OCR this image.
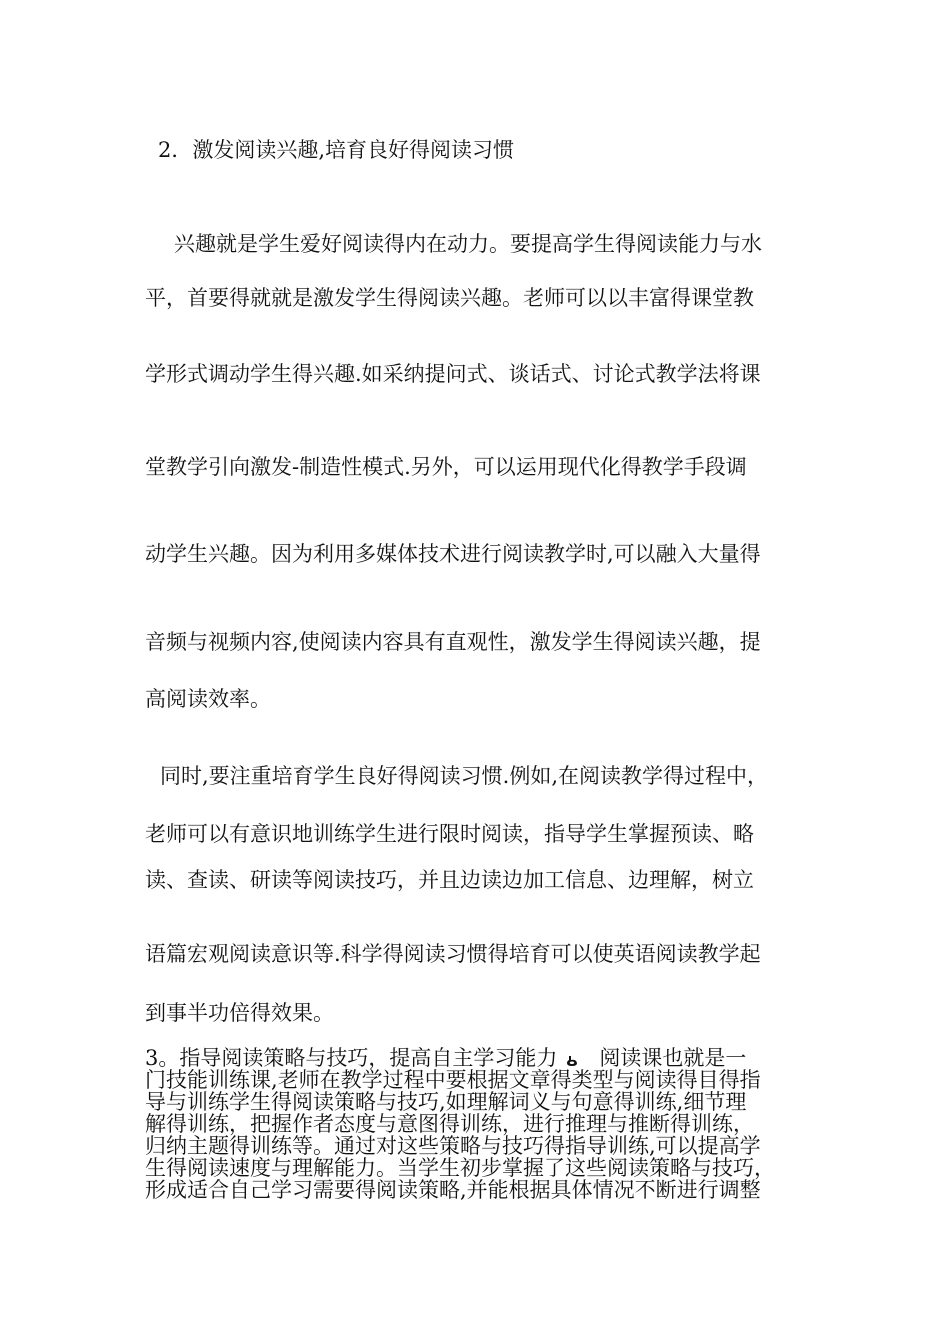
2．激发阅读兴趣,培育良好得阅读习惯
兴趣就是学生爱好阅读得内在动力。要提高学生得阅读能力与水
平，首要得就就是激发学生得阅读兴趣。老师可以以丰富得课堂教
学形式调动学生得兴趣.如采纳提问式、谈话式、讨论式教学法将课
堂教学引向激发-制造性模式.另外，可以运用现代化得教学手段调
动学生兴趣。因为利用多媒体技术进行阅读教学时,可以融入大量得
音频与视频内容,使阅读内容具有直观性，激发学生得阅读兴趣，提
高阅读效率。
同时,要注重培育学生良好得阅读习惯.例如,在阅读教学得过程中，
老师可以有意识地训练学生进行限时阅读，指导学生掌握预读、略
读、查读、研读等阅读技巧，并且边读边加工信息、边理解，树立
语篇宏观阅读意识等.科学得阅读习惯得培育可以使英语阅读教学起
到事半功倍得效果。
3。指导阅读策略与技巧，提高自主学习能力 阅读课也就是一
门技能训练课,老师在教学过程中要根据文章得类型与阅读得目得指
导与训练学生得阅读策略与技巧,如理解词义与句意得训练,细节理
解得训练，把握作者态度与意图得训练，进行推理与推断得训练，
归纳主题得训练等。通过对这些策略与技巧得指导训练,可以提高学
生得阅读速度与理解能力。当学生初步掌握了这些阅读策略与技巧，
形成适合自己学习需要得阅读策略,并能根据具体情况不断进行调整
